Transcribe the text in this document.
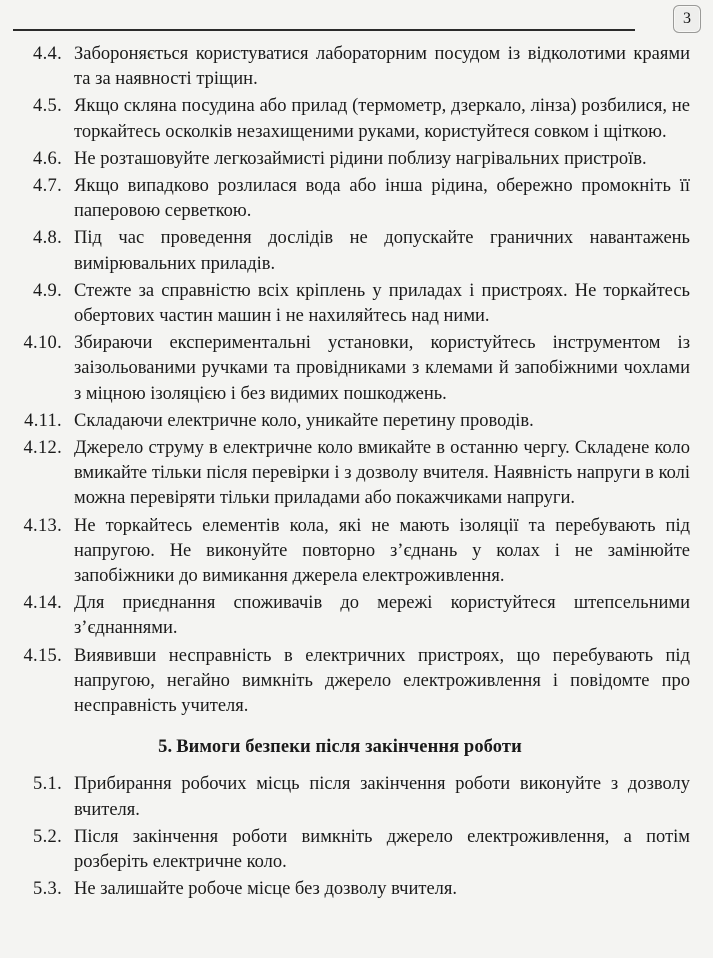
3
4.4. Забороняється користуватися лабораторним посудом із відколотими краями та за наявності тріщин.
4.5. Якщо скляна посудина або прилад (термометр, дзеркало, лінза) розбилися, не торкайтесь осколків незахищеними руками, користуйтеся совком і щіткою.
4.6. Не розташовуйте легкозаймисті рідини поблизу нагрівальних пристроїв.
4.7. Якщо випадково розлилася вода або інша рідина, обережно промокніть її паперовою серветкою.
4.8. Під час проведення дослідів не допускайте граничних навантажень вимірювальних приладів.
4.9. Стежте за справністю всіх кріплень у приладах і пристроях. Не торкайтесь обертових частин машин і не нахиляйтесь над ними.
4.10. Збираючи експериментальні установки, користуйтесь інструментом із заізольованими ручками та провідниками з клемами й запобіжними чохлами з міцною ізоляцією і без видимих пошкоджень.
4.11. Складаючи електричне коло, уникайте перетину проводів.
4.12. Джерело струму в електричне коло вмикайте в останню чергу. Складене коло вмикайте тільки після перевірки і з дозволу вчителя. Наявність напруги в колі можна перевіряти тільки приладами або покажчиками напруги.
4.13. Не торкайтесь елементів кола, які не мають ізоляції та перебувають під напругою. Не виконуйте повторно з’єднань у колах і не замінюйте запобіжники до вимикання джерела електроживлення.
4.14. Для приєднання споживачів до мережі користуйтеся штепсельними з’єднаннями.
4.15. Виявивши несправність в електричних пристроях, що перебувають під напругою, негайно вимкніть джерело електроживлення і повідомте про несправність учителя.
5. Вимоги безпеки після закінчення роботи
5.1. Прибирання робочих місць після закінчення роботи виконуйте з дозволу вчителя.
5.2. Після закінчення роботи вимкніть джерело електроживлення, а потім розберіть електричне коло.
5.3. Не залишайте робоче місце без дозволу вчителя.
